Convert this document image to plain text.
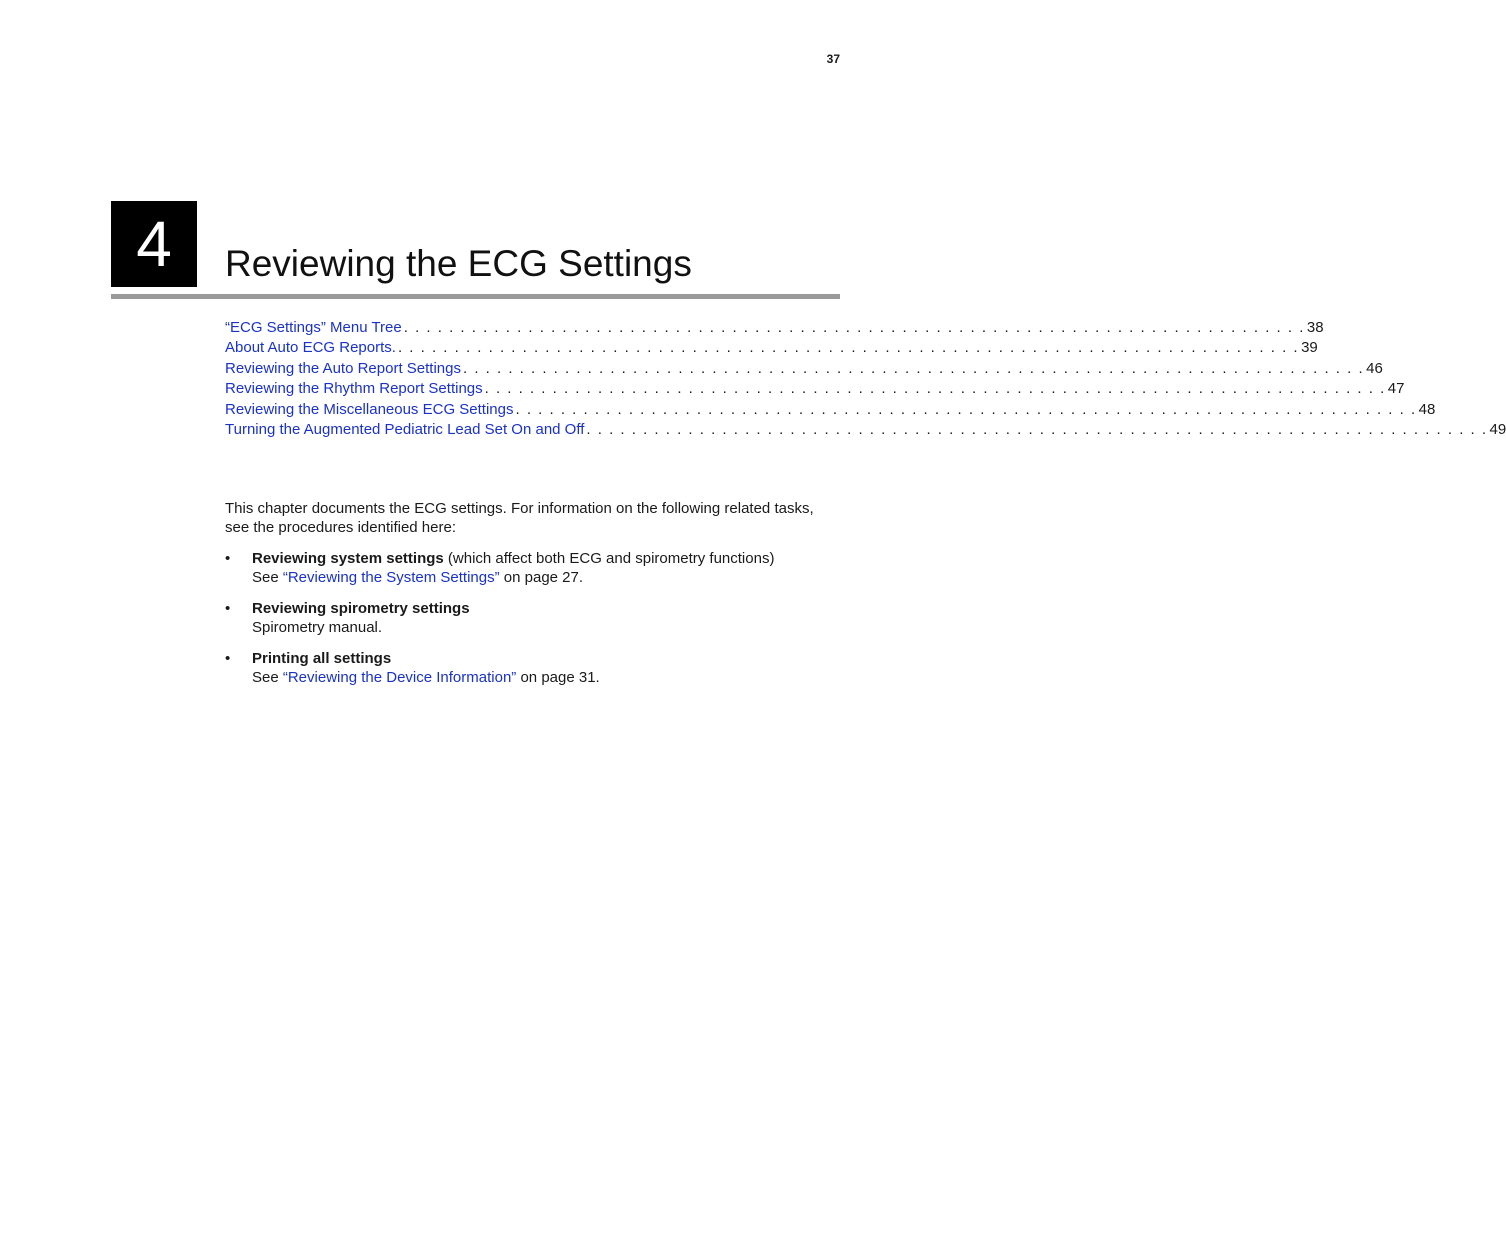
37
4	Reviewing the ECG Settings
“ECG Settings” Menu Tree . . . . . . . . . . . . . . . . . . . . . . . . . . . . . . . . . . . . . . . . . . . . . . . . . . . . . . . . . . . . . . . . . . . . . . . . . . . . . . . . 38
About Auto ECG Reports. . . . . . . . . . . . . . . . . . . . . . . . . . . . . . . . . . . . . . . . . . . . . . . . . . . . . . . . . . . . . . . . . . . . . . . . . . . . . . . . . 39
Reviewing the Auto Report Settings . . . . . . . . . . . . . . . . . . . . . . . . . . . . . . . . . . . . . . . . . . . . . . . . . . . . . . . . . . . . . . . . . . . . . . . . . . . . . . . . 46
Reviewing the Rhythm Report Settings . . . . . . . . . . . . . . . . . . . . . . . . . . . . . . . . . . . . . . . . . . . . . . . . . . . . . . . . . . . . . . . . . . . . . . . . . . . . . . . . 47
Reviewing the Miscellaneous ECG Settings . . . . . . . . . . . . . . . . . . . . . . . . . . . . . . . . . . . . . . . . . . . . . . . . . . . . . . . . . . . . . . . . . . . . . . . . . . . . . . . . 48
Turning the Augmented Pediatric Lead Set On and Off . . . . . . . . . . . . . . . . . . . . . . . . . . . . . . . . . . . . . . . . . . . . . . . . . . . . . . . . . . . . . . . . . . . . . . . . . . . . . . . . 49

This chapter documents the ECG settings. For information on the following related tasks, see the procedures identified here:

• Reviewing system settings (which affect both ECG and spirometry functions)
See “Reviewing the System Settings” on page 27.
• Reviewing spirometry settings
Spirometry manual.
• Printing all settings
See “Reviewing the Device Information” on page 31.
